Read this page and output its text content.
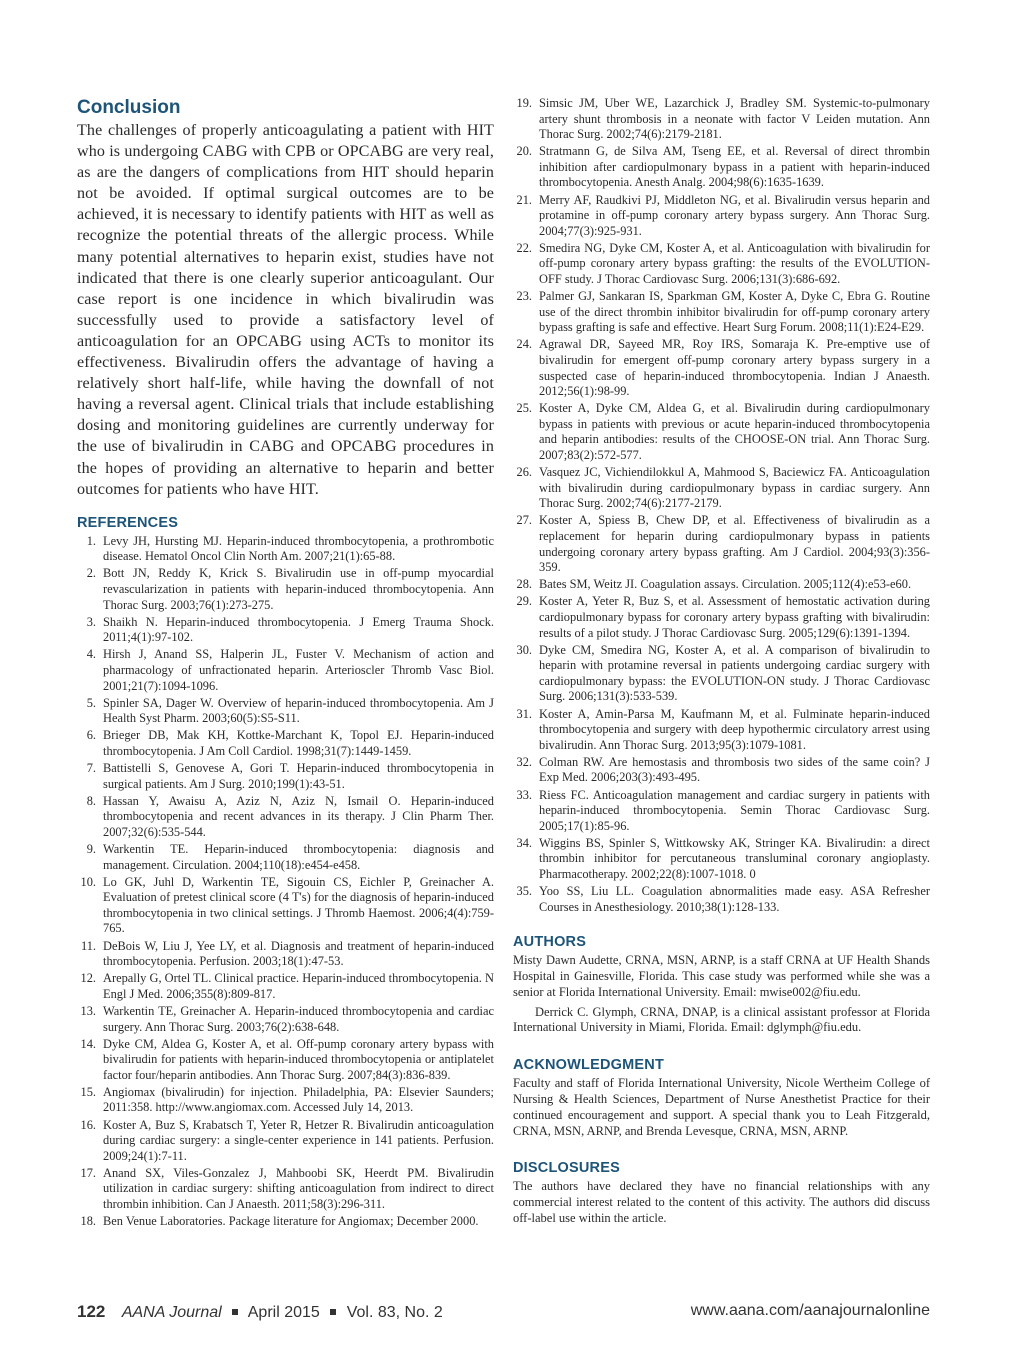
Conclusion

The challenges of properly anticoagulating a patient with HIT who is undergoing CABG with CPB or OPCABG are very real, as are the dangers of complications from HIT should heparin not be avoided. If optimal surgical outcomes are to be achieved, it is necessary to identify patients with HIT as well as recognize the potential threats of the allergic process. While many potential alternatives to heparin exist, studies have not indicated that there is one clearly superior anticoagulant. Our case report is one incidence in which bivalirudin was successfully used to provide a satisfactory level of anticoagulation for an OPCABG using ACTs to monitor its effectiveness. Bivalirudin offers the advantage of having a relatively short half-life, while having the downfall of not having a reversal agent. Clinical trials that include establishing dosing and monitoring guidelines are currently underway for the use of bivalirudin in CABG and OPCABG procedures in the hopes of providing an alternative to heparin and better outcomes for patients who have HIT.

REFERENCES
1. Levy JH, Hursting MJ. Heparin-induced thrombocytopenia, a prothrombotic disease. Hematol Oncol Clin North Am. 2007;21(1):65-88.
2. Bott JN, Reddy K, Krick S. Bivalirudin use in off-pump myocardial revascularization in patients with heparin-induced thrombocytopenia. Ann Thorac Surg. 2003;76(1):273-275.
3. Shaikh N. Heparin-induced thrombocytopenia. J Emerg Trauma Shock. 2011;4(1):97-102.
4. Hirsh J, Anand SS, Halperin JL, Fuster V. Mechanism of action and pharmacology of unfractionated heparin. Arterioscler Thromb Vasc Biol. 2001;21(7):1094-1096.
5. Spinler SA, Dager W. Overview of heparin-induced thrombocytopenia. Am J Health Syst Pharm. 2003;60(5):S5-S11.
6. Brieger DB, Mak KH, Kottke-Marchant K, Topol EJ. Heparin-induced thrombocytopenia. J Am Coll Cardiol. 1998;31(7):1449-1459.
7. Battistelli S, Genovese A, Gori T. Heparin-induced thrombocytopenia in surgical patients. Am J Surg. 2010;199(1):43-51.
8. Hassan Y, Awaisu A, Aziz N, Aziz N, Ismail O. Heparin-induced thrombocytopenia and recent advances in its therapy. J Clin Pharm Ther. 2007;32(6):535-544.
9. Warkentin TE. Heparin-induced thrombocytopenia: diagnosis and management. Circulation. 2004;110(18):e454-e458.
10. Lo GK, Juhl D, Warkentin TE, Sigouin CS, Eichler P, Greinacher A. Evaluation of pretest clinical score (4 T's) for the diagnosis of heparin-induced thrombocytopenia in two clinical settings. J Thromb Haemost. 2006;4(4):759-765.
11. DeBois W, Liu J, Yee LY, et al. Diagnosis and treatment of heparin-induced thrombocytopenia. Perfusion. 2003;18(1):47-53.
12. Arepally G, Ortel TL. Clinical practice. Heparin-induced thrombocytopenia. N Engl J Med. 2006;355(8):809-817.
13. Warkentin TE, Greinacher A. Heparin-induced thrombocytopenia and cardiac surgery. Ann Thorac Surg. 2003;76(2):638-648.
14. Dyke CM, Aldea G, Koster A, et al. Off-pump coronary artery bypass with bivalirudin for patients with heparin-induced thrombocytopenia or antiplatelet factor four/heparin antibodies. Ann Thorac Surg. 2007;84(3):836-839.
15. Angiomax (bivalirudin) for injection. Philadelphia, PA: Elsevier Saunders; 2011:358. http://www.angiomax.com. Accessed July 14, 2013.
16. Koster A, Buz S, Krabatsch T, Yeter R, Hetzer R. Bivalirudin anticoagulation during cardiac surgery: a single-center experience in 141 patients. Perfusion. 2009;24(1):7-11.
17. Anand SX, Viles-Gonzalez J, Mahboobi SK, Heerdt PM. Bivalirudin utilization in cardiac surgery: shifting anticoagulation from indirect to direct thrombin inhibition. Can J Anaesth. 2011;58(3):296-311.
18. Ben Venue Laboratories. Package literature for Angiomax; December 2000.
19. Simsic JM, Uber WE, Lazarchick J, Bradley SM. Systemic-to-pulmonary artery shunt thrombosis in a neonate with factor V Leiden mutation. Ann Thorac Surg. 2002;74(6):2179-2181.
20. Stratmann G, de Silva AM, Tseng EE, et al. Reversal of direct thrombin inhibition after cardiopulmonary bypass in a patient with heparin-induced thrombocytopenia. Anesth Analg. 2004;98(6):1635-1639.
21. Merry AF, Raudkivi PJ, Middleton NG, et al. Bivalirudin versus heparin and protamine in off-pump coronary artery bypass surgery. Ann Thorac Surg. 2004;77(3):925-931.
22. Smedira NG, Dyke CM, Koster A, et al. Anticoagulation with bivalirudin for off-pump coronary artery bypass grafting: the results of the EVOLUTION-OFF study. J Thorac Cardiovasc Surg. 2006;131(3):686-692.
23. Palmer GJ, Sankaran IS, Sparkman GM, Koster A, Dyke C, Ebra G. Routine use of the direct thrombin inhibitor bivalirudin for off-pump coronary artery bypass grafting is safe and effective. Heart Surg Forum. 2008;11(1):E24-E29.
24. Agrawal DR, Sayeed MR, Roy IRS, Somaraja K. Pre-emptive use of bivalirudin for emergent off-pump coronary artery bypass surgery in a suspected case of heparin-induced thrombocytopenia. Indian J Anaesth. 2012;56(1):98-99.
25. Koster A, Dyke CM, Aldea G, et al. Bivalirudin during cardiopulmonary bypass in patients with previous or acute heparin-induced thrombocytopenia and heparin antibodies: results of the CHOOSE-ON trial. Ann Thorac Surg. 2007;83(2):572-577.
26. Vasquez JC, Vichiendilokkul A, Mahmood S, Baciewicz FA. Anticoagulation with bivalirudin during cardiopulmonary bypass in cardiac surgery. Ann Thorac Surg. 2002;74(6):2177-2179.
27. Koster A, Spiess B, Chew DP, et al. Effectiveness of bivalirudin as a replacement for heparin during cardiopulmonary bypass in patients undergoing coronary artery bypass grafting. Am J Cardiol. 2004;93(3):356-359.
28. Bates SM, Weitz JI. Coagulation assays. Circulation. 2005;112(4):e53-e60.
29. Koster A, Yeter R, Buz S, et al. Assessment of hemostatic activation during cardiopulmonary bypass for coronary artery bypass grafting with bivalirudin: results of a pilot study. J Thorac Cardiovasc Surg. 2005;129(6):1391-1394.
30. Dyke CM, Smedira NG, Koster A, et al. A comparison of bivalirudin to heparin with protamine reversal in patients undergoing cardiac surgery with cardiopulmonary bypass: the EVOLUTION-ON study. J Thorac Cardiovasc Surg. 2006;131(3):533-539.
31. Koster A, Amin-Parsa M, Kaufmann M, et al. Fulminate heparin-induced thrombocytopenia and surgery with deep hypothermic circulatory arrest using bivalirudin. Ann Thorac Surg. 2013;95(3):1079-1081.
32. Colman RW. Are hemostasis and thrombosis two sides of the same coin? J Exp Med. 2006;203(3):493-495.
33. Riess FC. Anticoagulation management and cardiac surgery in patients with heparin-induced thrombocytopenia. Semin Thorac Cardiovasc Surg. 2005;17(1):85-96.
34. Wiggins BS, Spinler S, Wittkowsky AK, Stringer KA. Bivalirudin: a direct thrombin inhibitor for percutaneous transluminal coronary angioplasty. Pharmacotherapy. 2002;22(8):1007-1018. 0
35. Yoo SS, Liu LL. Coagulation abnormalities made easy. ASA Refresher Courses in Anesthesiology. 2010;38(1):128-133.
AUTHORS

Misty Dawn Audette, CRNA, MSN, ARNP, is a staff CRNA at UF Health Shands Hospital in Gainesville, Florida. This case study was performed while she was a senior at Florida International University. Email: mwise002@fiu.edu.

Derrick C. Glymph, CRNA, DNAP, is a clinical assistant professor at Florida International University in Miami, Florida. Email: dglymph@fiu.edu.

ACKNOWLEDGMENT

Faculty and staff of Florida International University, Nicole Wertheim College of Nursing & Health Sciences, Department of Nurse Anesthetist Practice for their continued encouragement and support. A special thank you to Leah Fitzgerald, CRNA, MSN, ARNP, and Brenda Levesque, CRNA, MSN, ARNP.

DISCLOSURES

The authors have declared they have no financial relationships with any commercial interest related to the content of this activity. The authors did discuss off-label use within the article.

122 AANA Journal April 2015 Vol. 83, No. 2	www.aana.com/aanajournalonline
